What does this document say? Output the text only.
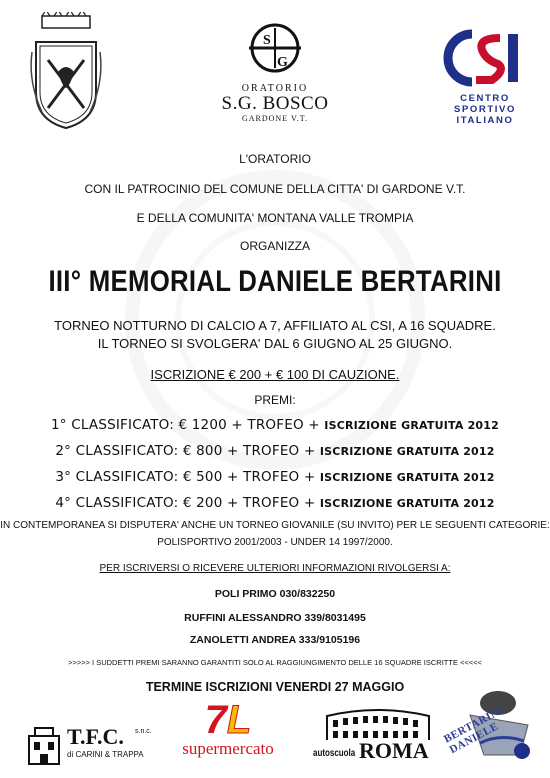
S
G
ORATORIO
S.G. BOSCO
GARDONE V.T.
CENTRO
SPORTIVO
ITALIANO
L'ORATORIO
CON IL PATROCINIO DEL COMUNE DELLA CITTA' DI GARDONE V.T.
E DELLA COMUNITA' MONTANA VALLE TROMPIA
ORGANIZZA
III° MEMORIAL DANIELE BERTARINI
TORNEO NOTTURNO DI CALCIO A 7, AFFILIATO AL CSI, A 16 SQUADRE.
IL TORNEO SI SVOLGERA' DAL 6 GIUGNO AL 25 GIUGNO.
ISCRIZIONE € 200 + € 100 DI CAUZIONE.
PREMI:
1° CLASSIFICATO: € 1200 + TROFEO + ISCRIZIONE GRATUITA 2012
2° CLASSIFICATO: € 800 + TROFEO + ISCRIZIONE GRATUITA 2012
3° CLASSIFICATO: € 500 + TROFEO + ISCRIZIONE GRATUITA 2012
4° CLASSIFICATO: € 200 + TROFEO + ISCRIZIONE GRATUITA 2012
IN CONTEMPORANEA SI DISPUTERA' ANCHE UN TORNEO GIOVANILE (SU INVITO) PER LE SEGUENTI CATEGORIE:
POLISPORTIVO 2001/2003 - UNDER 14 1997/2000.
PER ISCRIVERSI O RICEVERE ULTERIORI INFORMAZIONI RIVOLGERSI A:
POLI PRIMO 030/832250
RUFFINI ALESSANDRO 339/8031495
ZANOLETTI ANDREA 333/9105196
>>>>> I SUDDETTI PREMI SARANNO GARANTITI SOLO AL RAGGIUNGIMENTO DELLE 16 SQUADRE ISCRITTE <<<<<
TERMINE ISCRIZIONI VENERDI 27 MAGGIO
T.F.C. s.n.c.
di CARINI & TRAPPA
7L
supermercato	autoscuola ROMA
BERTARINI DANIELE
